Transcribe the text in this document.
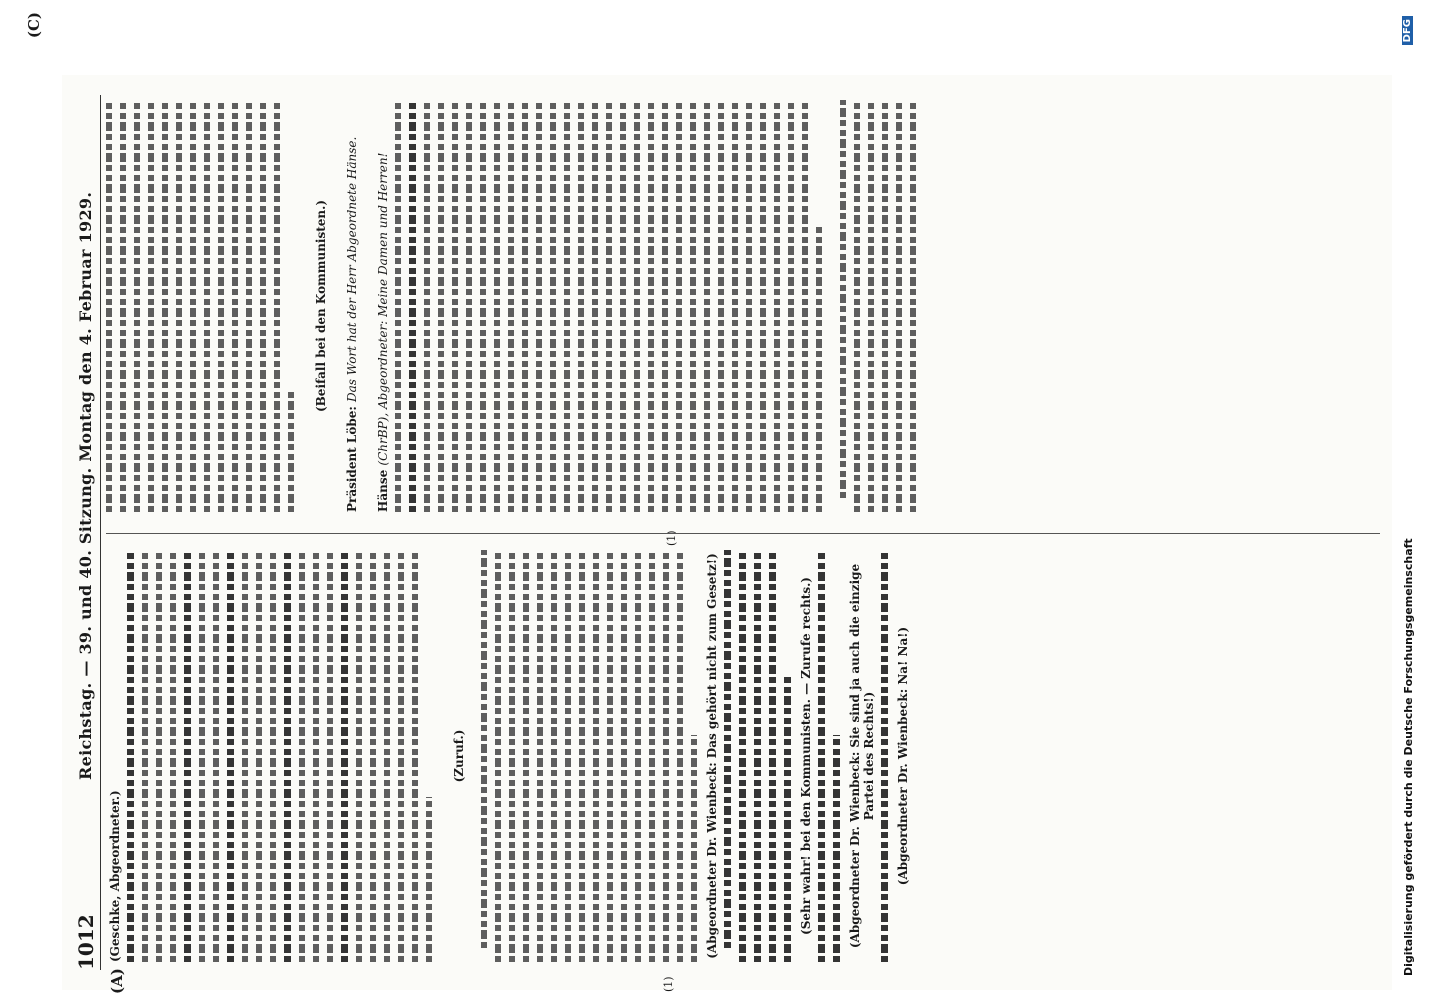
(C)
1012
Reichstag. — 39. und 40. Sitzung. Montag den 4. Februar 1929.
(A)	(1)
(1)
(Geschke, Abgeordneter.)
(Zuruf.)	(Abgeordneter Dr. Wienbeck: Das gehört nicht zum Gesetz!)	(Sehr wahr! bei den Kommunisten. — Zurufe rechts.)	(Abgeordneter Dr. Wienbeck: Sie sind ja auch die einzige Partei des Rechts!) (Abgeordneter Dr. Wienbeck: Na! Na!)
(Beifall bei den Kommunisten.)
Präsident Löbe: Das Wort hat der Herr Abgeordnete Hänse.
Hänse (ChrBP), Abgeordneter: Meine Damen und Herren!
Digitalisierung gefördert durch die Deutsche Forschungsgemeinschaft
DFG
